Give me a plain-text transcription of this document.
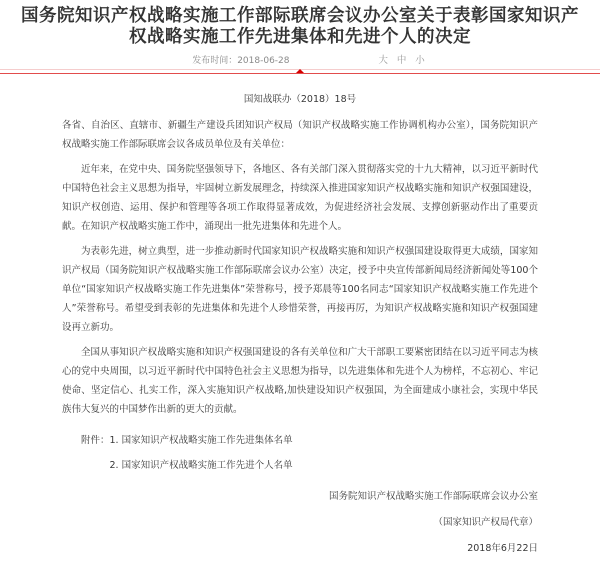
国务院知识产权战略实施工作部际联席会议办公室关于表彰国家知识产权战略实施工作先进集体和先进个人的决定
发布时间：2018-06-28	大 中 小

国知战联办（2018）18号

各省、自治区、直辖市、新疆生产建设兵团知识产权局（知识产权战略实施工作协调机构办公室），国务院知识产权战略实施工作部际联席会议各成员单位及有关单位：

近年来，在党中央、国务院坚强领导下，各地区、各有关部门深入贯彻落实党的十九大精神，以习近平新时代中国特色社会主义思想为指导，牢固树立新发展理念，持续深入推进国家知识产权战略实施和知识产权强国建设，知识产权创造、运用、保护和管理等各项工作取得显著成效，为促进经济社会发展、支撑创新驱动作出了重要贡献。在知识产权战略实施工作中，涌现出一批先进集体和先进个人。

为表彰先进，树立典型，进一步推动新时代国家知识产权战略实施和知识产权强国建设取得更大成绩，国家知识产权局（国务院知识产权战略实施工作部际联席会议办公室）决定，授予中央宣传部新闻局经济新闻处等100个单位“国家知识产权战略实施工作先进集体”荣誉称号，授予郑晨等100名同志“国家知识产权战略实施工作先进个人”荣誉称号。希望受到表彰的先进集体和先进个人珍惜荣誉，再接再厉，为知识产权战略实施和知识产权强国建设再立新功。

全国从事知识产权战略实施和知识产权强国建设的各有关单位和广大干部职工要紧密团结在以习近平同志为核心的党中央周围，以习近平新时代中国特色社会主义思想为指导，以先进集体和先进个人为榜样，不忘初心、牢记使命、坚定信心、扎实工作，深入实施知识产权战略,加快建设知识产权强国，为全面建成小康社会，实现中华民族伟大复兴的中国梦作出新的更大的贡献。

附件：1. 国家知识产权战略实施工作先进集体名单

2. 国家知识产权战略实施工作先进个人名单

国务院知识产权战略实施工作部际联席会议办公室

（国家知识产权局代章）

2018年6月22日
